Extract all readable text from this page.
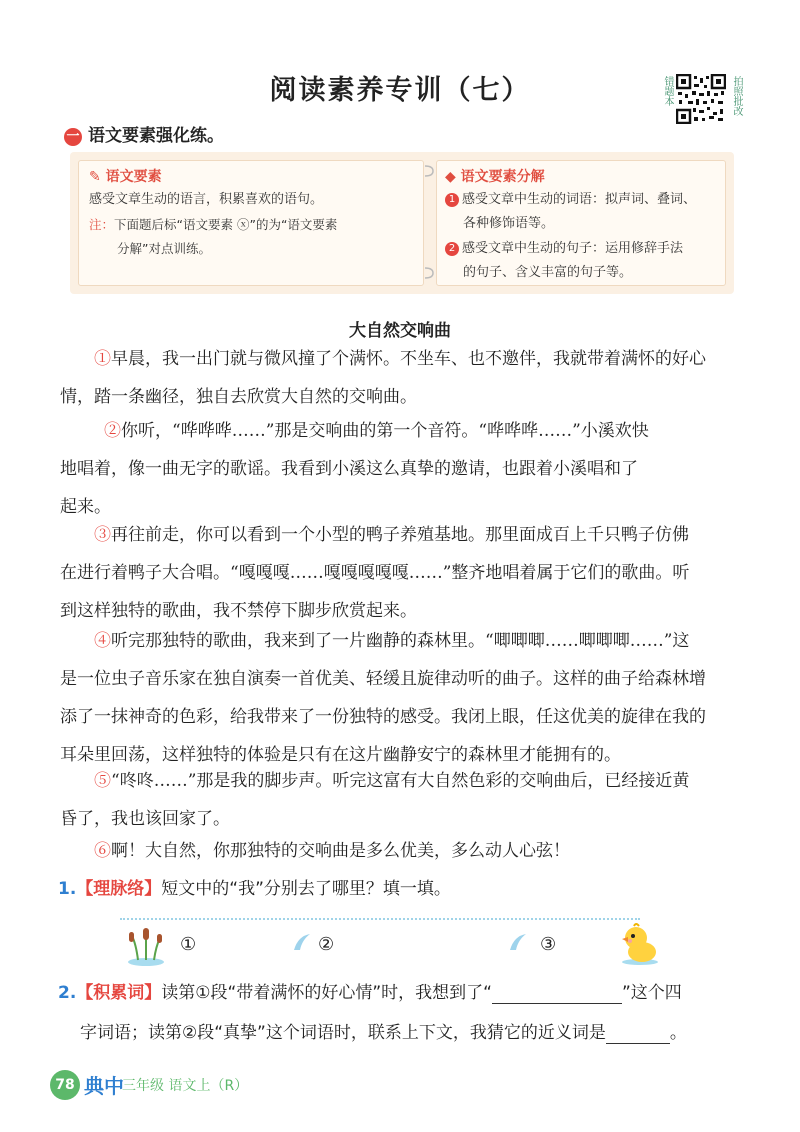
阅读素养专训（七）	错题本	拍照批改
一 语文要素强化练。
✎ 语文要素
感受文章生动的语言，积累喜欢的语句。
注：下面题后标“语文要素 ⓧ”的为“语文要素
分解”对点训练。
◆ 语文要素分解
1 感受文章中生动的词语：拟声词、叠词、
各种修饰语等。
2 感受文章中生动的句子：运用修辞手法
的句子、含义丰富的句子等。
大自然交响曲
①早晨，我一出门就与微风撞了个满怀。不坐车、也不邀伴，我就带着满怀的好心
情，踏一条幽径，独自去欣赏大自然的交响曲。
②你听，“哗哗哗……”那是交响曲的第一个音符。“哗哗哗……”小溪欢快
地唱着，像一曲无字的歌谣。我看到小溪这么真挚的邀请，也跟着小溪唱和了
起来。
③再往前走，你可以看到一个小型的鸭子养殖基地。那里面成百上千只鸭子仿佛
在进行着鸭子大合唱。“嘎嘎嘎……嘎嘎嘎嘎嘎……”整齐地唱着属于它们的歌曲。听
到这样独特的歌曲，我不禁停下脚步欣赏起来。
④听完那独特的歌曲，我来到了一片幽静的森林里。“唧唧唧……唧唧唧……”这
是一位虫子音乐家在独自演奏一首优美、轻缓且旋律动听的曲子。这样的曲子给森林增
添了一抹神奇的色彩，给我带来了一份独特的感受。我闭上眼，任这优美的旋律在我的
耳朵里回荡，这样独特的体验是只有在这片幽静安宁的森林里才能拥有的。
⑤“咚咚……”那是我的脚步声。听完这富有大自然色彩的交响曲后，已经接近黄
昏了，我也该回家了。
⑥啊！大自然，你那独特的交响曲是多么优美，多么动人心弦！
1.【理脉络】短文中的“我”分别去了哪里？填一填。
①	②	③
2.【积累词】读第①段“带着满怀的好心情”时，我想到了“	”这个四
字词语；读第②段“真挚”这个词语时，联系上下文，我猜它的近义词是	。
78 典中
三年级 语文上（R）
